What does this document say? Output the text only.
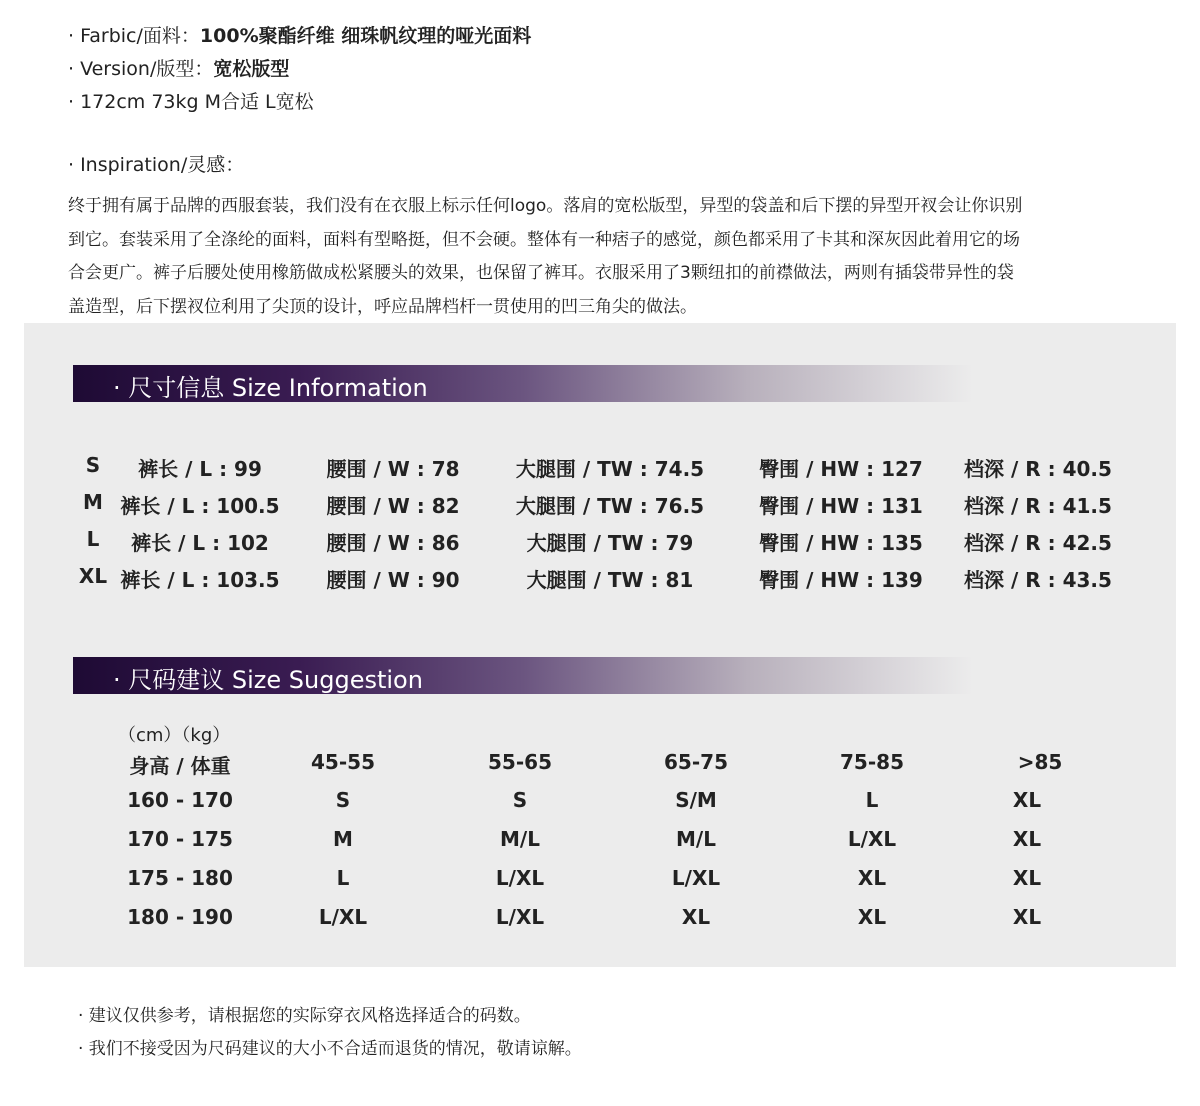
· Farbic/面料：100%聚酯纤维 细珠帆纹理的哑光面料
· Version/版型：宽松版型
· 172cm 73kg M合适 L宽松
· Inspiration/灵感：
终于拥有属于品牌的西服套装，我们没有在衣服上标示任何logo。落肩的宽松版型，异型的袋盖和后下摆的异型开衩会让你识别
到它。套装采用了全涤纶的面料，面料有型略挺，但不会硬。整体有一种痞子的感觉，颜色都采用了卡其和深灰因此着用它的场
合会更广。裤子后腰处使用橡筋做成松紧腰头的效果，也保留了裤耳。衣服采用了3颗纽扣的前襟做法，两则有插袋带异性的袋
盖造型，后下摆衩位利用了尖顶的设计，呼应品牌档杆一贯使用的凹三角尖的做法。
· 尺寸信息 Size Information
S 裤长 / L : 99	腰围 / W : 78	大腿围 / TW : 74.5	臀围 / HW : 127 档深 / R : 40.5
M 裤长 / L : 100.5 腰围 / W : 82	大腿围 / TW : 76.5	臀围 / HW : 131 档深 / R : 41.5
L 裤长 / L : 102	腰围 / W : 86	大腿围 / TW : 79	臀围 / HW : 135 档深 / R : 42.5
XL 裤长 / L : 103.5 腰围 / W : 90	大腿围 / TW : 81	臀围 / HW : 139 档深 / R : 43.5
· 尺码建议 Size Suggestion
（cm）（kg）
身高 / 体重	45-55	55-65	65-75	75-85	>85
160 - 170	S	S	S/M	L	XL
170 - 175	M	M/L	M/L	L/XL	XL
175 - 180	L	L/XL	L/XL	XL	XL
180 - 190	L/XL	L/XL	XL	XL	XL
· 建议仅供参考，请根据您的实际穿衣风格选择适合的码数。
· 我们不接受因为尺码建议的大小不合适而退货的情况，敬请谅解。
